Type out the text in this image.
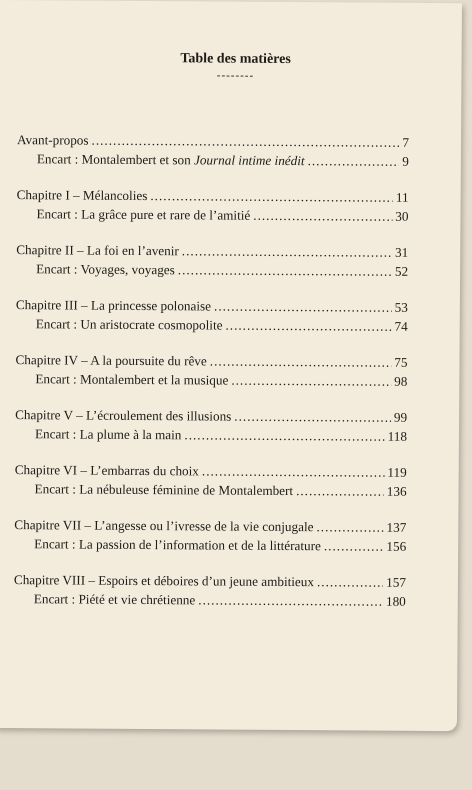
Table des matières
--------
Avant-propos .....	7
Encart : Montalembert et son Journal intime inédit .....	9
Chapitre I – Mélancolies .....	11
Encart : La grâce pure et rare de l’amitié .....	30
Chapitre II – La foi en l’avenir .....	31
Encart : Voyages, voyages .....	52
Chapitre III – La princesse polonaise .....	53
Encart : Un aristocrate cosmopolite .....	74
Chapitre IV – A la poursuite du rêve .....	75
Encart : Montalembert et la musique .....	98
Chapitre V – L’écroulement des illusions .....	99
Encart : La plume à la main .....	118
Chapitre VI – L’embarras du choix .....	119
Encart : La nébuleuse féminine de Montalembert .....	136
Chapitre VII – L’angesse ou l’ivresse de la vie conjugale .....	137
Encart : La passion de l’information et de la littérature .....	156
Chapitre VIII – Espoirs et déboires d’un jeune ambitieux .....	157
Encart : Piété et vie chrétienne .....	180
